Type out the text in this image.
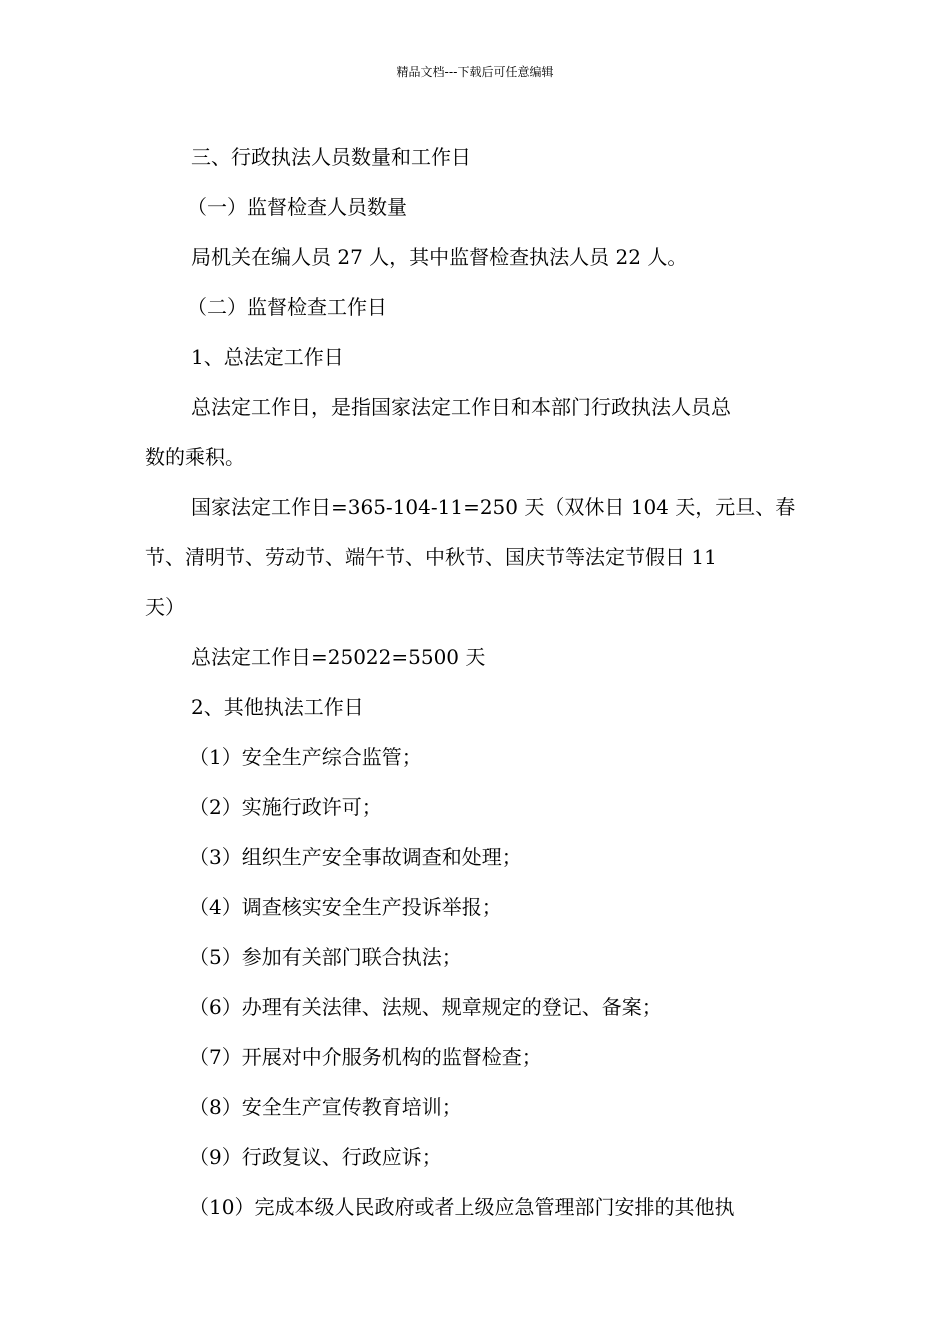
精品文档---下载后可任意编辑

三、行政执法人员数量和工作日

（一）监督检查人员数量

局机关在编人员 27 人，其中监督检查执法人员 22 人。

（二）监督检查工作日

1、总法定工作日

总法定工作日，是指国家法定工作日和本部门行政执法人员总

数的乘积。

国家法定工作日=365-104-11=250 天（双休日 104 天，元旦、春

节、清明节、劳动节、端午节、中秋节、国庆节等法定节假日 11

天）

总法定工作日=25022=5500 天

2、其他执法工作日

（1）安全生产综合监管；

（2）实施行政许可；

（3）组织生产安全事故调查和处理；

（4）调查核实安全生产投诉举报；

（5）参加有关部门联合执法；

（6）办理有关法律、法规、规章规定的登记、备案；

（7）开展对中介服务机构的监督检查；

（8）安全生产宣传教育培训；

（9）行政复议、行政应诉；

（10）完成本级人民政府或者上级应急管理部门安排的其他执
